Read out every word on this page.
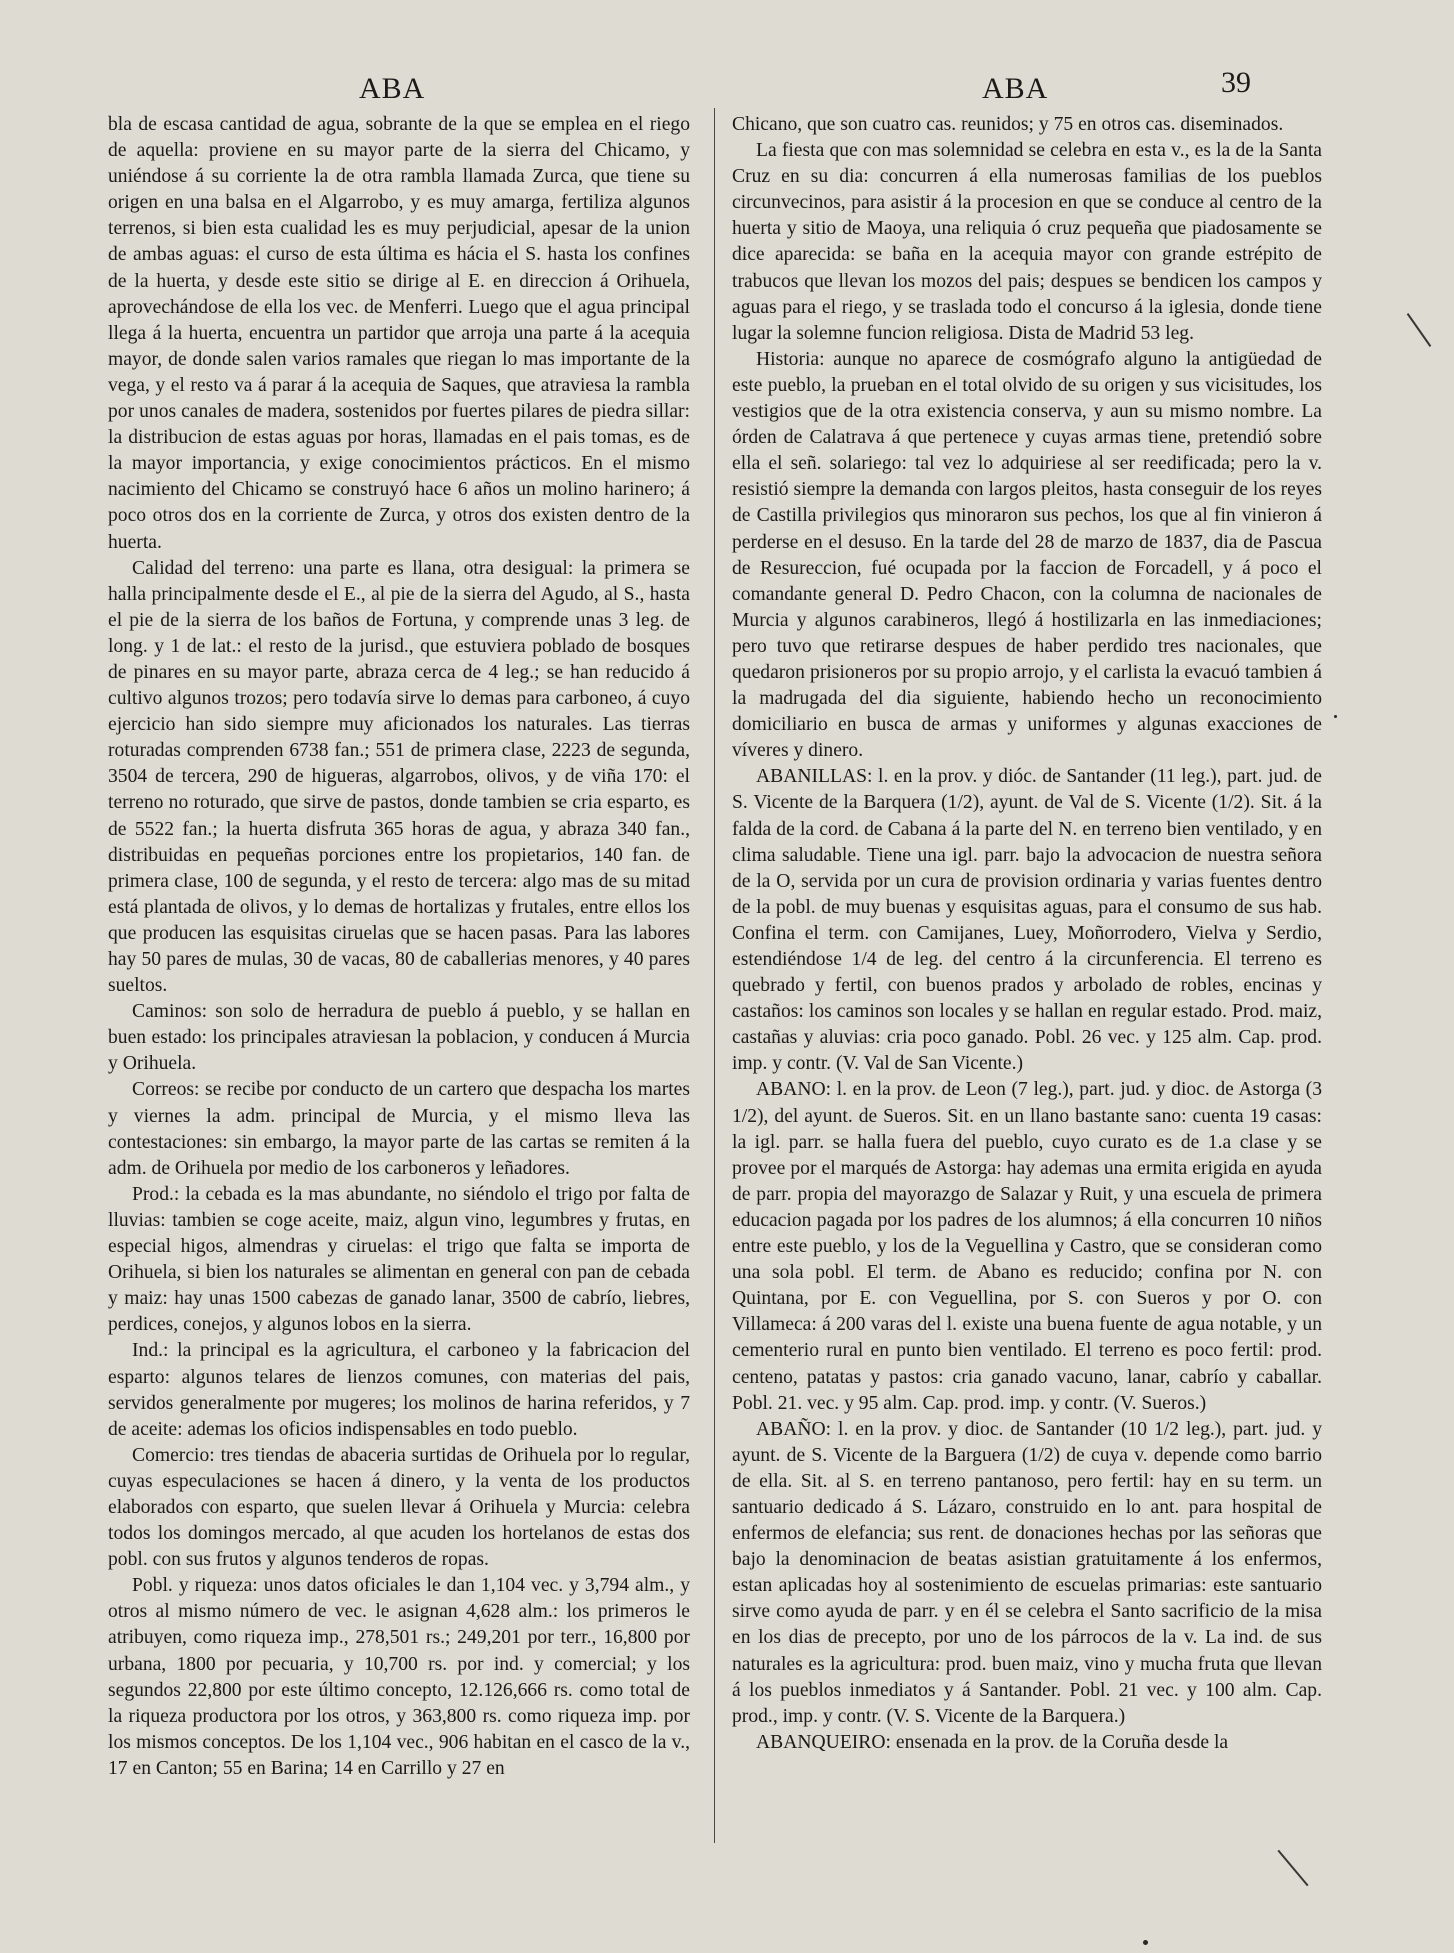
ABA	ABA	39

bla de escasa cantidad de agua, sobrante de la que se emplea en el riego de aquella: proviene en su mayor parte de la sierra del Chicamo, y uniéndose á su corriente la de otra rambla llamada Zurca, que tiene su origen en una balsa en el Algarrobo, y es muy amarga, fertiliza algunos terrenos, si bien esta cualidad les es muy perjudicial, apesar de la union de ambas aguas: el curso de esta última es hácia el S. hasta los confines de la huerta, y desde este sitio se dirige al E. en direccion á Orihuela, aprovechándose de ella los vec. de Menferri. Luego que el agua principal llega á la huerta, encuentra un partidor que arroja una parte á la acequia mayor, de donde salen varios ramales que riegan lo mas importante de la vega, y el resto va á parar á la acequia de Saques, que atraviesa la rambla por unos canales de madera, sostenidos por fuertes pilares de piedra sillar: la distribucion de estas aguas por horas, llamadas en el pais tomas, es de la mayor importancia, y exige conocimientos prácticos. En el mismo nacimiento del Chicamo se construyó hace 6 años un molino harinero; á poco otros dos en la corriente de Zurca, y otros dos existen dentro de la huerta.

Calidad del terreno: una parte es llana, otra desigual: la primera se halla principalmente desde el E., al pie de la sierra del Agudo, al S., hasta el pie de la sierra de los baños de Fortuna, y comprende unas 3 leg. de long. y 1 de lat.: el resto de la jurisd., que estuviera poblado de bosques de pinares en su mayor parte, abraza cerca de 4 leg.; se han reducido á cultivo algunos trozos; pero todavía sirve lo demas para carboneo, á cuyo ejercicio han sido siempre muy aficionados los naturales. Las tierras roturadas comprenden 6738 fan.; 551 de primera clase, 2223 de segunda, 3504 de tercera, 290 de higueras, algarrobos, olivos, y de viña 170: el terreno no roturado, que sirve de pastos, donde tambien se cria esparto, es de 5522 fan.; la huerta disfruta 365 horas de agua, y abraza 340 fan., distribuidas en pequeñas porciones entre los propietarios, 140 fan. de primera clase, 100 de segunda, y el resto de tercera: algo mas de su mitad está plantada de olivos, y lo demas de hortalizas y frutales, entre ellos los que producen las esquisitas ciruelas que se hacen pasas. Para las labores hay 50 pares de mulas, 30 de vacas, 80 de caballerias menores, y 40 pares sueltos.

Caminos: son solo de herradura de pueblo á pueblo, y se hallan en buen estado: los principales atraviesan la poblacion, y conducen á Murcia y Orihuela.

Correos: se recibe por conducto de un cartero que despacha los martes y viernes la adm. principal de Murcia, y el mismo lleva las contestaciones: sin embargo, la mayor parte de las cartas se remiten á la adm. de Orihuela por medio de los carboneros y leñadores.

Prod.: la cebada es la mas abundante, no siéndolo el trigo por falta de lluvias: tambien se coge aceite, maiz, algun vino, legumbres y frutas, en especial higos, almendras y ciruelas: el trigo que falta se importa de Orihuela, si bien los naturales se alimentan en general con pan de cebada y maiz: hay unas 1500 cabezas de ganado lanar, 3500 de cabrío, liebres, perdices, conejos, y algunos lobos en la sierra.

Ind.: la principal es la agricultura, el carboneo y la fabricacion del esparto: algunos telares de lienzos comunes, con materias del pais, servidos generalmente por mugeres; los molinos de harina referidos, y 7 de aceite: ademas los oficios indispensables en todo pueblo.

Comercio: tres tiendas de abaceria surtidas de Orihuela por lo regular, cuyas especulaciones se hacen á dinero, y la venta de los productos elaborados con esparto, que suelen llevar á Orihuela y Murcia: celebra todos los domingos mercado, al que acuden los hortelanos de estas dos pobl. con sus frutos y algunos tenderos de ropas.

Pobl. y riqueza: unos datos oficiales le dan 1,104 vec. y 3,794 alm., y otros al mismo número de vec. le asignan 4,628 alm.: los primeros le atribuyen, como riqueza imp., 278,501 rs.; 249,201 por terr., 16,800 por urbana, 1800 por pecuaria, y 10,700 rs. por ind. y comercial; y los segundos 22,800 por este último concepto, 12.126,666 rs. como total de la riqueza productora por los otros, y 363,800 rs. como riqueza imp. por los mismos conceptos. De los 1,104 vec., 906 habitan en el casco de la v., 17 en Canton; 55 en Barina; 14 en Carrillo y 27 en

Chicano, que son cuatro cas. reunidos; y 75 en otros cas. diseminados.

La fiesta que con mas solemnidad se celebra en esta v., es la de la Santa Cruz en su dia: concurren á ella numerosas familias de los pueblos circunvecinos, para asistir á la procesion en que se conduce al centro de la huerta y sitio de Maoya, una reliquia ó cruz pequeña que piadosamente se dice aparecida: se baña en la acequia mayor con grande estrépito de trabucos que llevan los mozos del pais; despues se bendicen los campos y aguas para el riego, y se traslada todo el concurso á la iglesia, donde tiene lugar la solemne funcion religiosa. Dista de Madrid 53 leg.

Historia: aunque no aparece de cosmógrafo alguno la antigüedad de este pueblo, la prueban en el total olvido de su origen y sus vicisitudes, los vestigios que de la otra existencia conserva, y aun su mismo nombre. La órden de Calatrava á que pertenece y cuyas armas tiene, pretendió sobre ella el señ. solariego: tal vez lo adquiriese al ser reedificada; pero la v. resistió siempre la demanda con largos pleitos, hasta conseguir de los reyes de Castilla privilegios qus minoraron sus pechos, los que al fin vinieron á perderse en el desuso. En la tarde del 28 de marzo de 1837, dia de Pascua de Resureccion, fué ocupada por la faccion de Forcadell, y á poco el comandante general D. Pedro Chacon, con la columna de nacionales de Murcia y algunos carabineros, llegó á hostilizarla en las inmediaciones; pero tuvo que retirarse despues de haber perdido tres nacionales, que quedaron prisioneros por su propio arrojo, y el carlista la evacuó tambien á la madrugada del dia siguiente, habiendo hecho un reconocimiento domiciliario en busca de armas y uniformes y algunas exacciones de víveres y dinero.

ABANILLAS: l. en la prov. y dióc. de Santander (11 leg.), part. jud. de S. Vicente de la Barquera (1/2), ayunt. de Val de S. Vicente (1/2). Sit. á la falda de la cord. de Cabana á la parte del N. en terreno bien ventilado, y en clima saludable. Tiene una igl. parr. bajo la advocacion de nuestra señora de la O, servida por un cura de provision ordinaria y varias fuentes dentro de la pobl. de muy buenas y esquisitas aguas, para el consumo de sus hab. Confina el term. con Camijanes, Luey, Moñorrodero, Vielva y Serdio, estendiéndose 1/4 de leg. del centro á la circunferencia. El terreno es quebrado y fertil, con buenos prados y arbolado de robles, encinas y castaños: los caminos son locales y se hallan en regular estado. Prod. maiz, castañas y aluvias: cria poco ganado. Pobl. 26 vec. y 125 alm. Cap. prod. imp. y contr. (V. Val de San Vicente.)

ABANO: l. en la prov. de Leon (7 leg.), part. jud. y dioc. de Astorga (3 1/2), del ayunt. de Sueros. Sit. en un llano bastante sano: cuenta 19 casas: la igl. parr. se halla fuera del pueblo, cuyo curato es de 1.a clase y se provee por el marqués de Astorga: hay ademas una ermita erigida en ayuda de parr. propia del mayorazgo de Salazar y Ruit, y una escuela de primera educacion pagada por los padres de los alumnos; á ella concurren 10 niños entre este pueblo, y los de la Veguellina y Castro, que se consideran como una sola pobl. El term. de Abano es reducido; confina por N. con Quintana, por E. con Veguellina, por S. con Sueros y por O. con Villameca: á 200 varas del l. existe una buena fuente de agua notable, y un cementerio rural en punto bien ventilado. El terreno es poco fertil: prod. centeno, patatas y pastos: cria ganado vacuno, lanar, cabrío y caballar. Pobl. 21. vec. y 95 alm. Cap. prod. imp. y contr. (V. Sueros.)

ABAÑO: l. en la prov. y dioc. de Santander (10 1/2 leg.), part. jud. y ayunt. de S. Vicente de la Barguera (1/2) de cuya v. depende como barrio de ella. Sit. al S. en terreno pantanoso, pero fertil: hay en su term. un santuario dedicado á S. Lázaro, construido en lo ant. para hospital de enfermos de elefancia; sus rent. de donaciones hechas por las señoras que bajo la denominacion de beatas asistian gratuitamente á los enfermos, estan aplicadas hoy al sostenimiento de escuelas primarias: este santuario sirve como ayuda de parr. y en él se celebra el Santo sacrificio de la misa en los dias de precepto, por uno de los párrocos de la v. La ind. de sus naturales es la agricultura: prod. buen maiz, vino y mucha fruta que llevan á los pueblos inmediatos y á Santander. Pobl. 21 vec. y 100 alm. Cap. prod., imp. y contr. (V. S. Vicente de la Barquera.)

ABANQUEIRO: ensenada en la prov. de la Coruña desde la
